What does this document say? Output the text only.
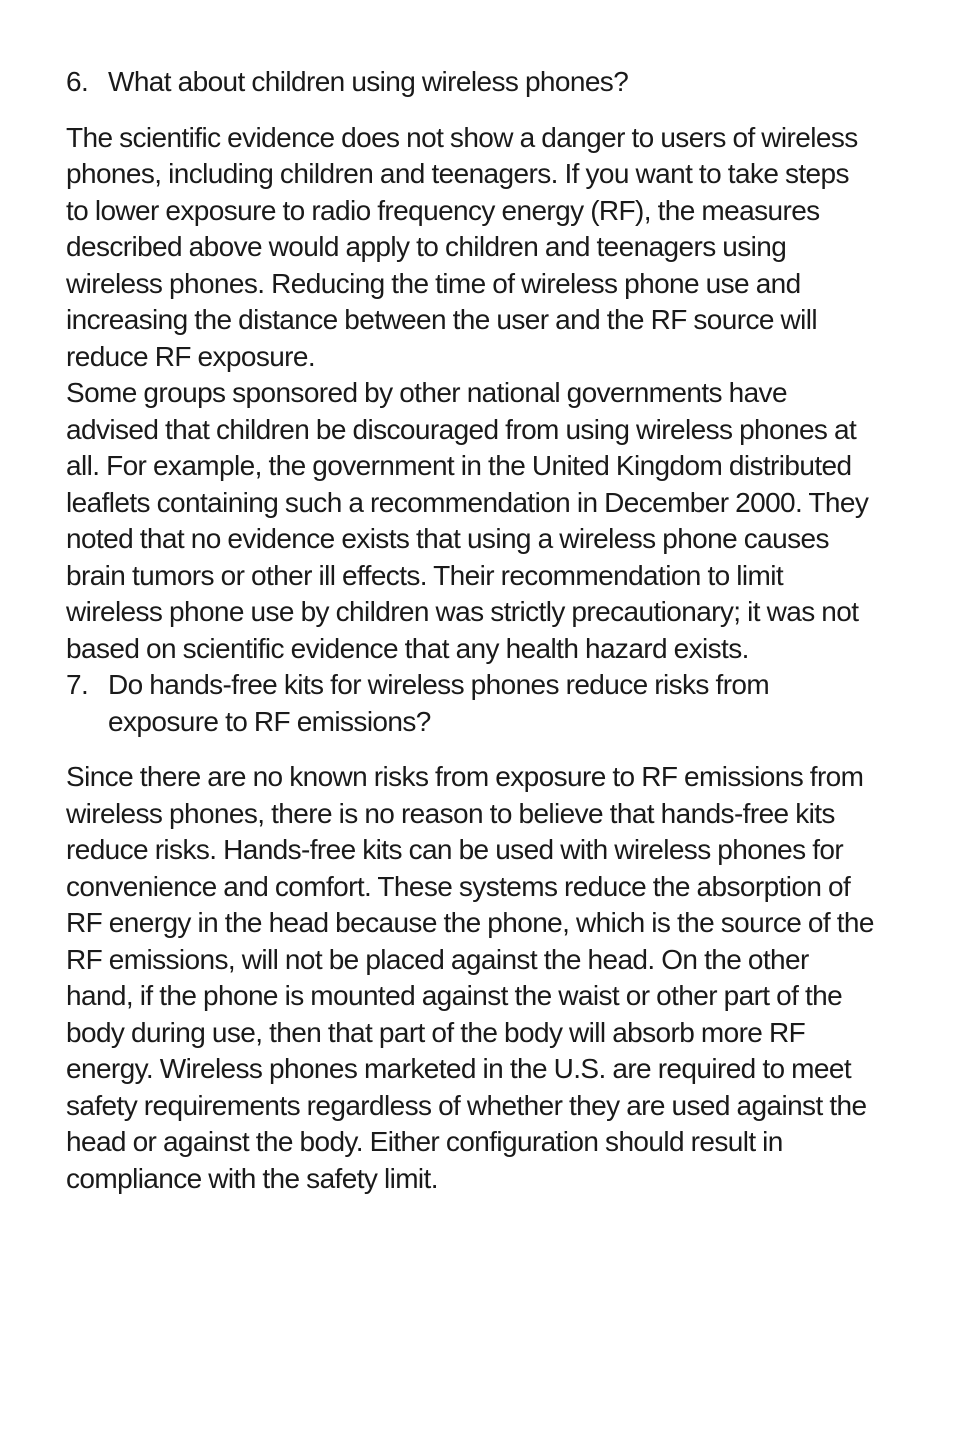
6. What about children using wireless phones?

The scientific evidence does not show a danger to users of wireless phones, including children and teenagers. If you want to take steps to lower exposure to radio frequency energy (RF), the measures described above would apply to children and teenagers using wireless phones. Reducing the time of wireless phone use and increasing the distance between the user and the RF source will reduce RF exposure.

Some groups sponsored by other national governments have advised that children be discouraged from using wireless phones at all. For example, the government in the United Kingdom distributed leaflets containing such a recommendation in December 2000. They noted that no evidence exists that using a wireless phone causes brain tumors or other ill effects. Their recommendation to limit wireless phone use by children was strictly precautionary; it was not based on scientific evidence that any health hazard exists.

7. Do hands-free kits for wireless phones reduce risks from exposure to RF emissions?

Since there are no known risks from exposure to RF emissions from wireless phones, there is no reason to believe that hands-free kits reduce risks. Hands-free kits can be used with wireless phones for convenience and comfort. These systems reduce the absorption of RF energy in the head because the phone, which is the source of the RF emissions, will not be placed against the head. On the other hand, if the phone is mounted against the waist or other part of the body during use, then that part of the body will absorb more RF energy. Wireless phones marketed in the U.S. are required to meet safety requirements regardless of whether they are used against the head or against the body. Either configuration should result in compliance with the safety limit.
